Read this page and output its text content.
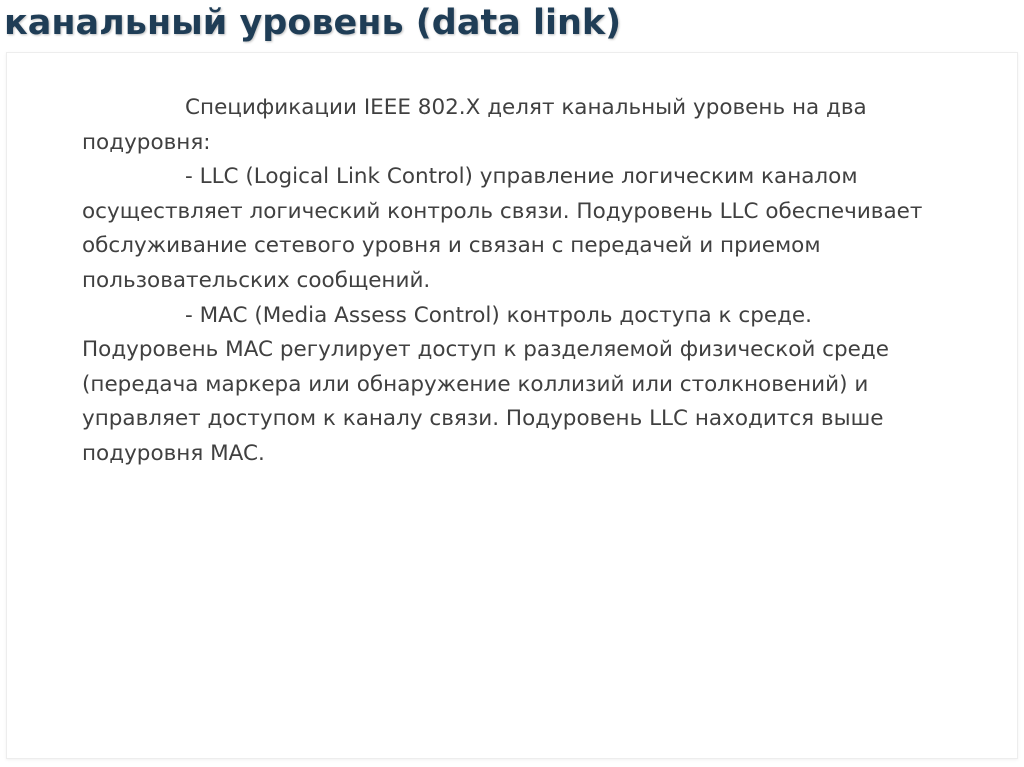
канальный уровень (data link)

Спецификации IEEE 802.X делят канальный уровень на два подуровня:

- LLC (Logical Link Control) управление логическим каналом осуществляет логический контроль связи. Подуровень LLC обеспечивает обслуживание сетевого уровня и связан с передачей и приемом пользовательских сообщений.

- MAC (Media Assess Control) контроль доступа к среде. Подуровень MAC регулирует доступ к разделяемой физической среде (передача маркера или обнаружение коллизий или столкновений) и управляет доступом к каналу связи. Подуровень LLC находится выше подуровня MAC.
